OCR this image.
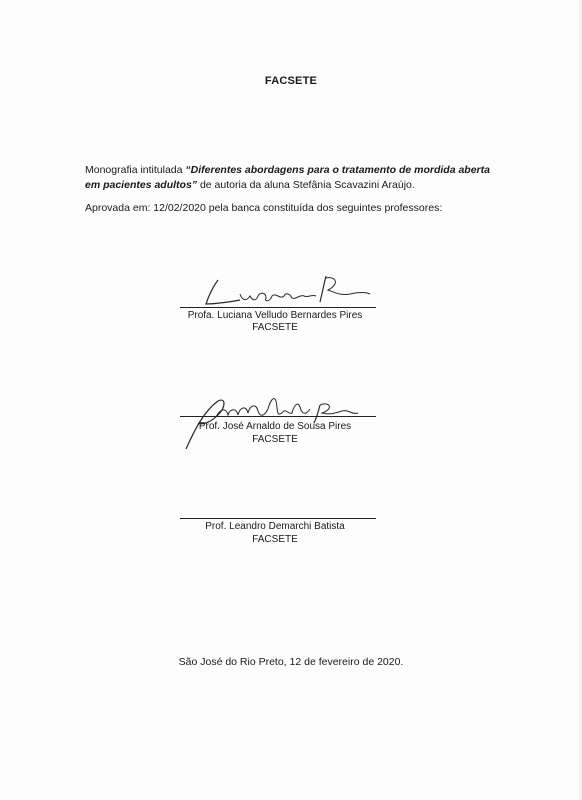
FACSETE
Monografia intitulada “Diferentes abordagens para o tratamento de mordida aberta em pacientes adultos” de autoria da aluna Stefânia Scavazini Araújo.
Aprovada em: 12/02/2020 pela banca constituída dos seguintes professores:
Profa. Luciana Velludo Bernardes Pires
FACSETE
Prof. José Arnaldo de Sousa Pires
FACSETE
Prof. Leandro Demarchi Batista
FACSETE
São José do Rio Preto, 12 de fevereiro de 2020.
